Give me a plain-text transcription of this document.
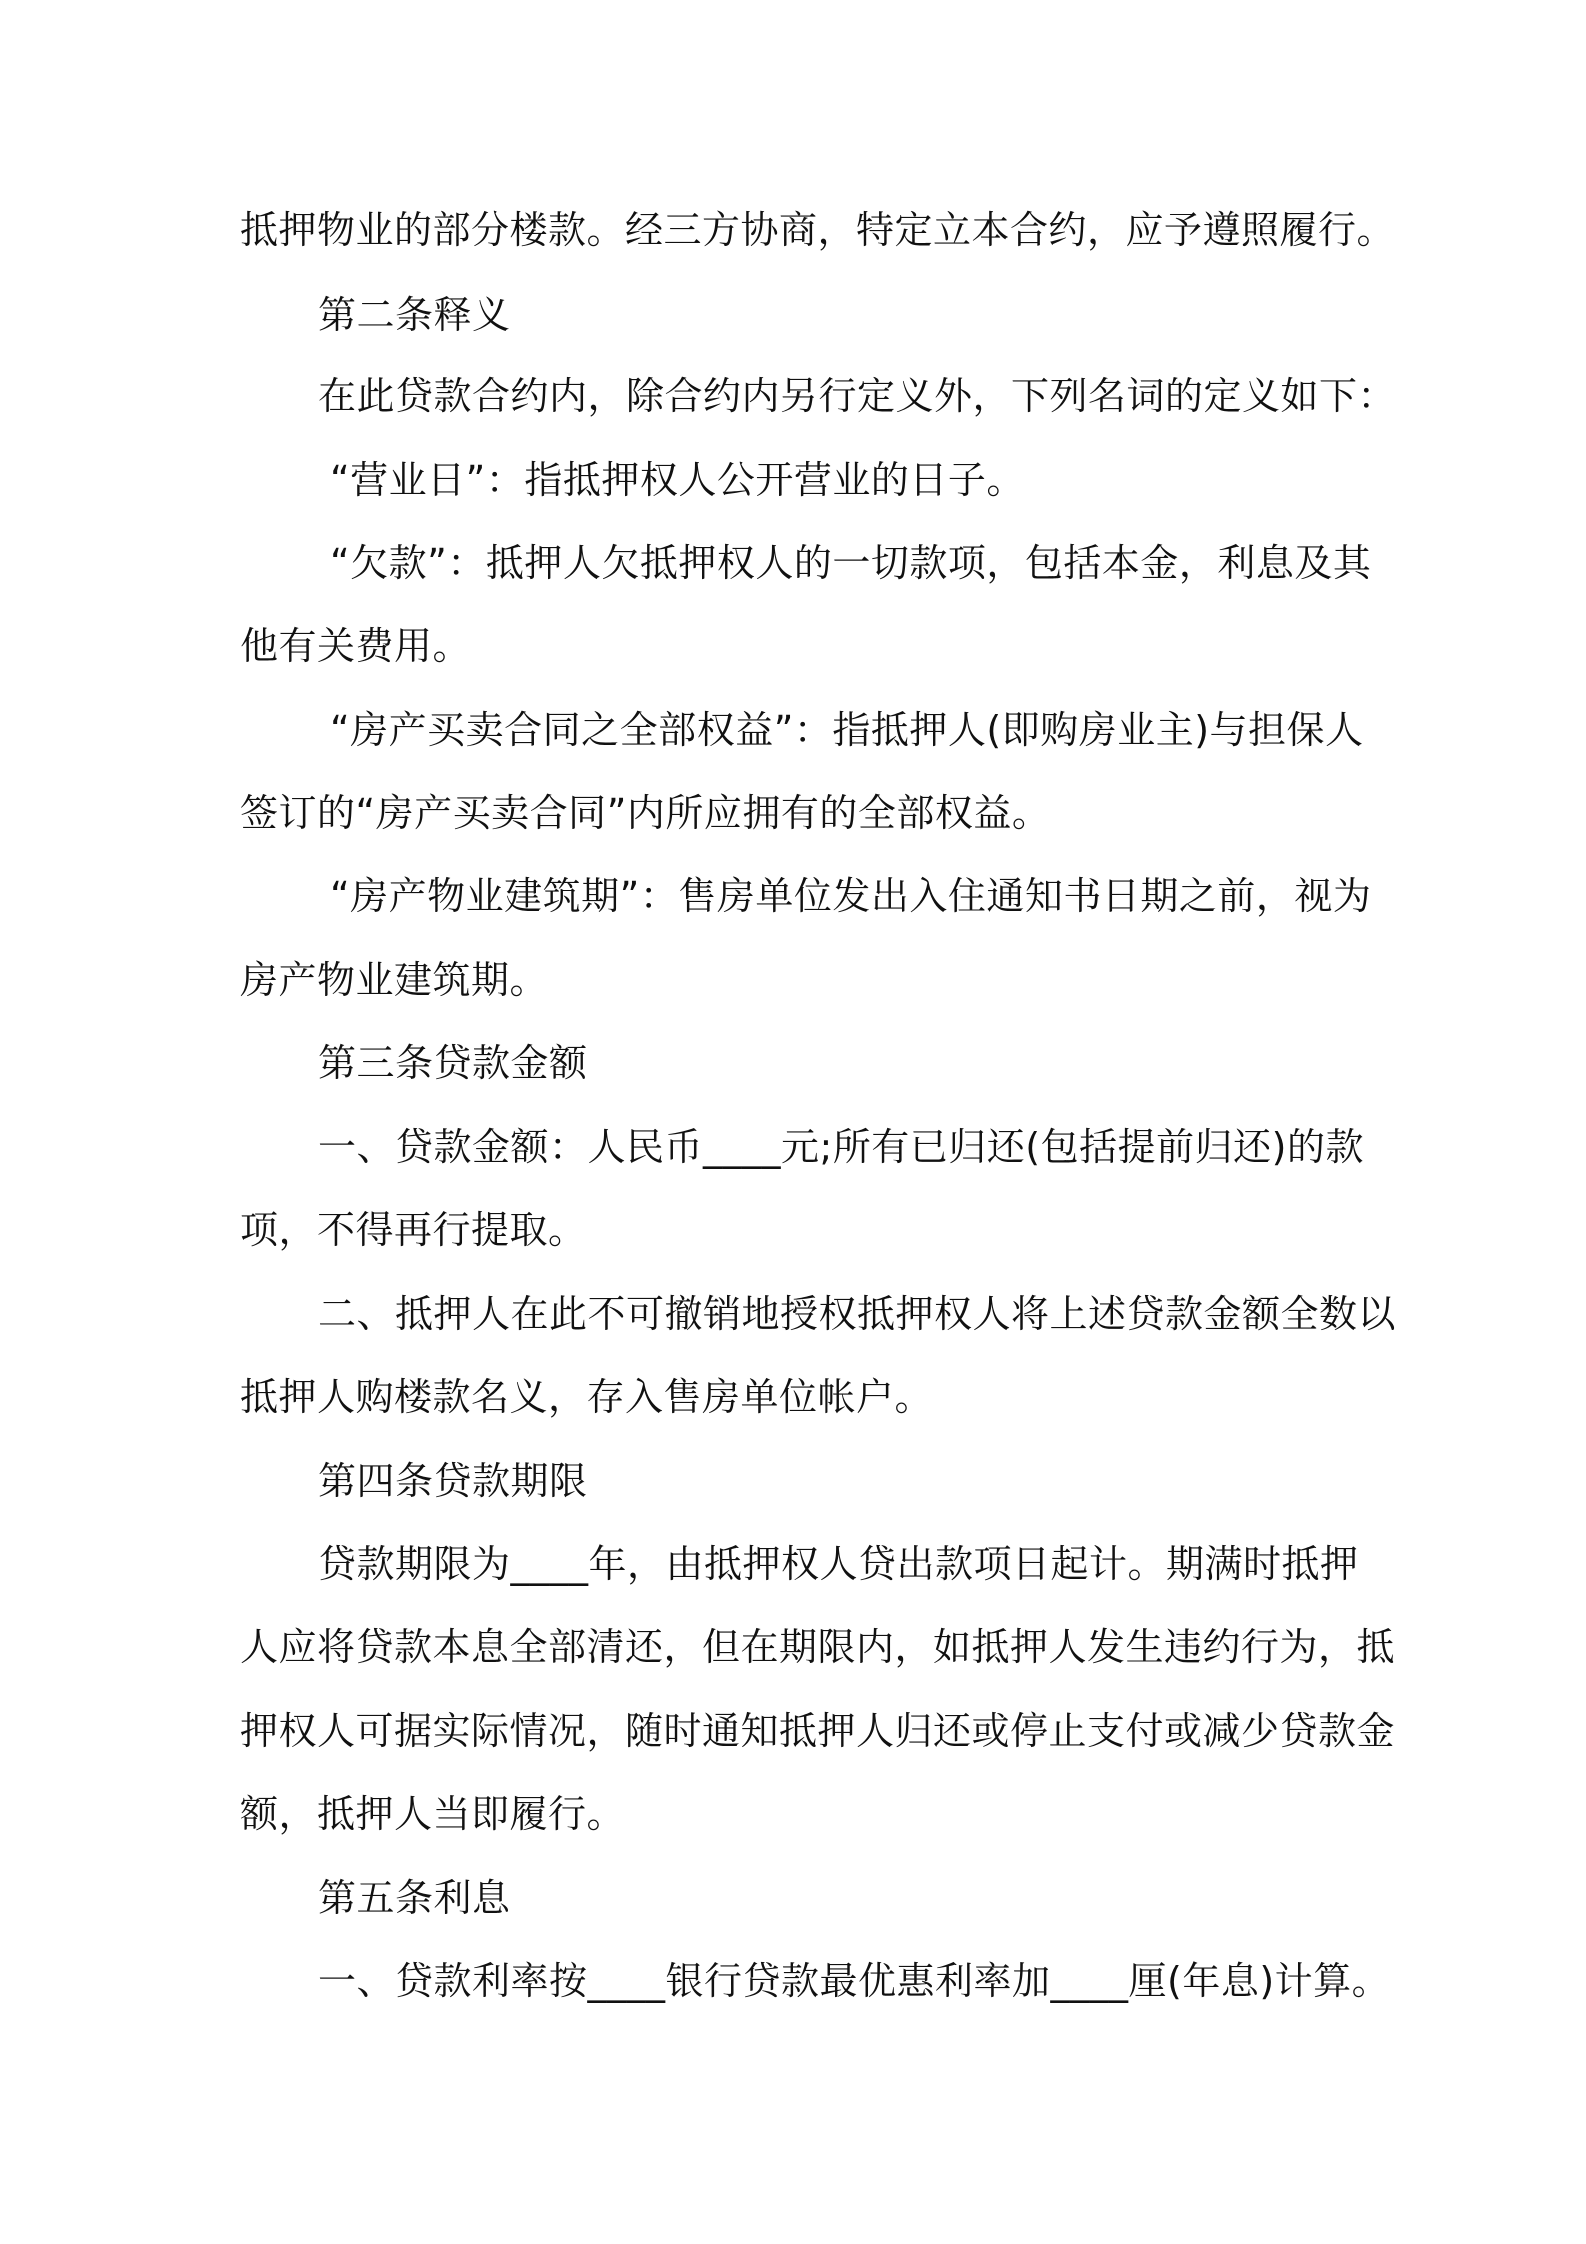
抵押物业的部分楼款。经三方协商，特定立本合约，应予遵照履行。
第二条释义
在此贷款合约内，除合约内另行定义外，下列名词的定义如下：
“营业日”：指抵押权人公开营业的日子。
“欠款”：抵押人欠抵押权人的一切款项，包括本金，利息及其
他有关费用。
“房产买卖合同之全部权益”：指抵押人(即购房业主)与担保人
签订的“房产买卖合同”内所应拥有的全部权益。
“房产物业建筑期”：售房单位发出入住通知书日期之前，视为
房产物业建筑期。
第三条贷款金额
一、贷款金额：人民币____元;所有已归还(包括提前归还)的款
项，不得再行提取。
二、抵押人在此不可撤销地授权抵押权人将上述贷款金额全数以
抵押人购楼款名义，存入售房单位帐户。
第四条贷款期限
贷款期限为____年，由抵押权人贷出款项日起计。期满时抵押
人应将贷款本息全部清还，但在期限内，如抵押人发生违约行为，抵
押权人可据实际情况，随时通知抵押人归还或停止支付或减少贷款金
额，抵押人当即履行。
第五条利息
一、贷款利率按____银行贷款最优惠利率加____厘(年息)计算。
